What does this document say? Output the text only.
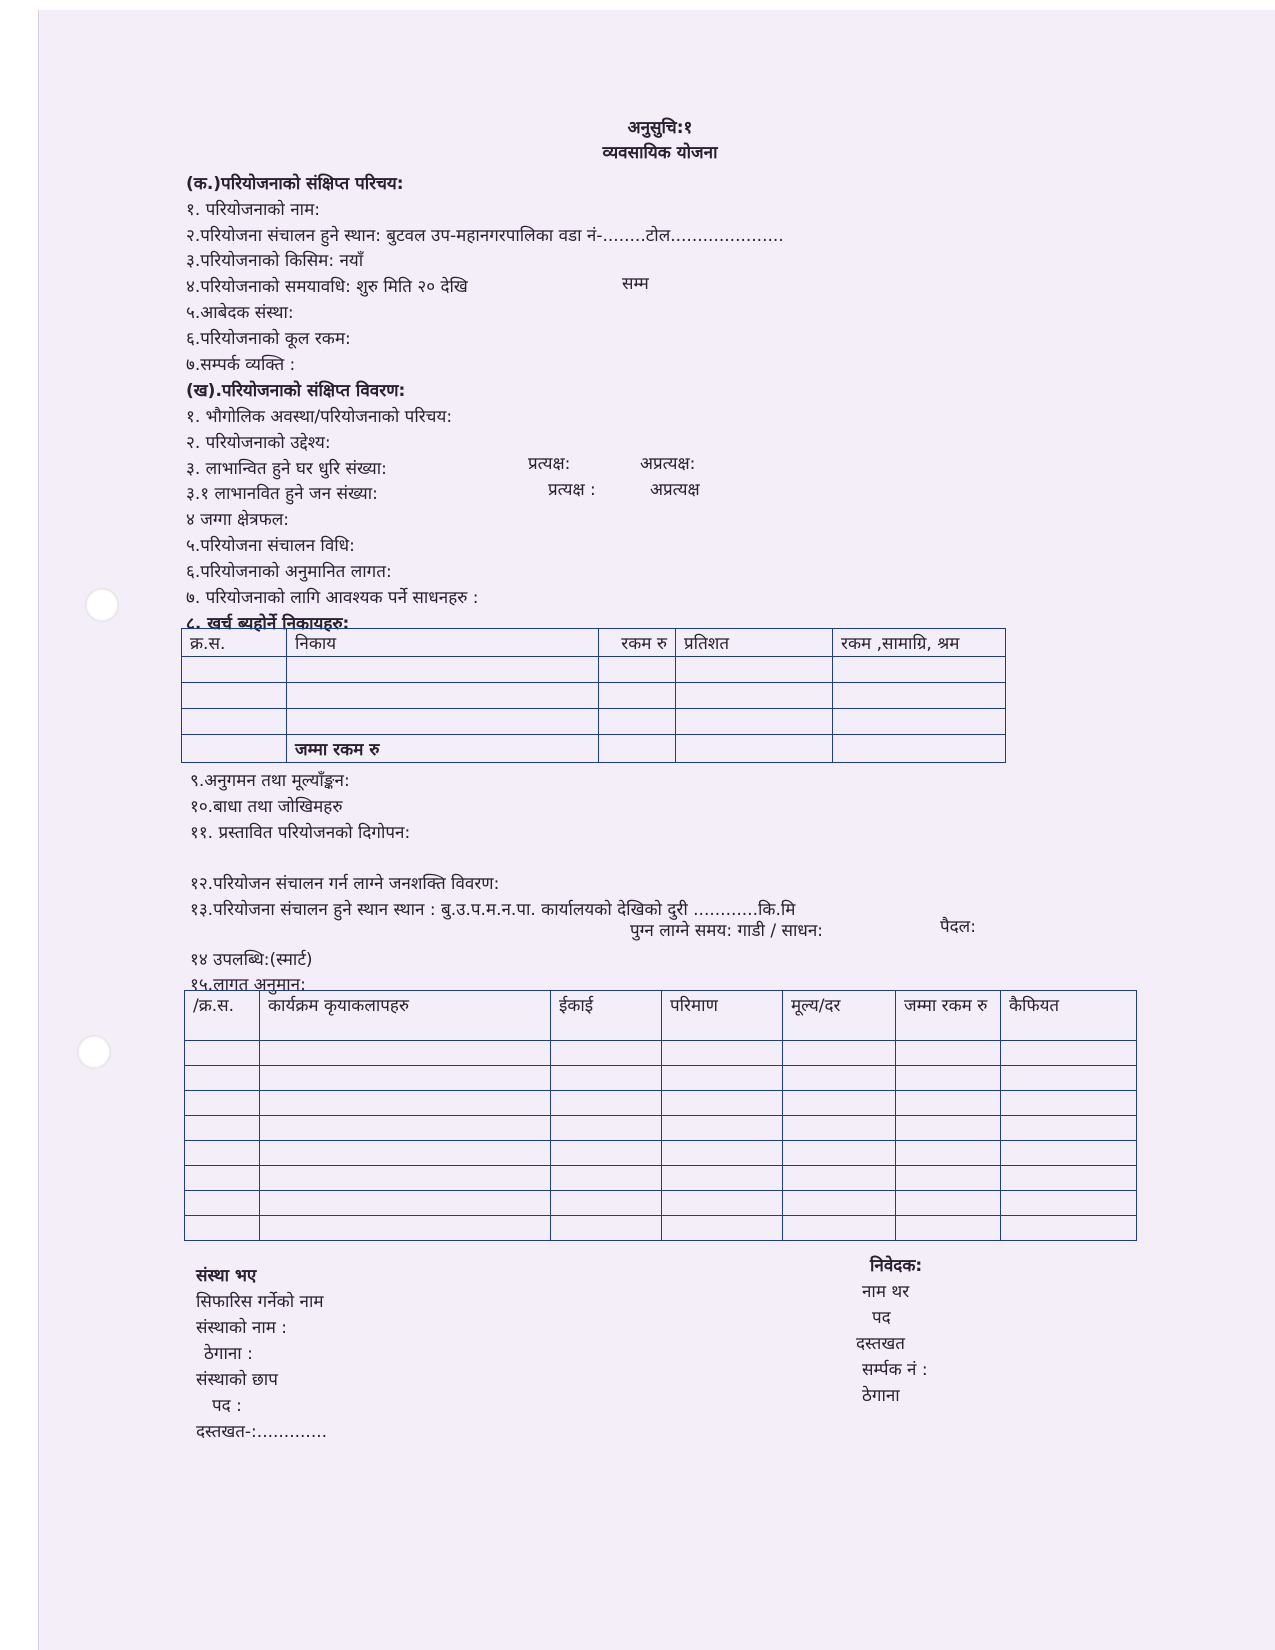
अनुसुचि:१
व्यवसायिक योजना
(क.)परियोजनाको संक्षिप्त परिचय:
१. परियोजनाको नाम:
२.परियोजना संचालन हुने स्थान: बुटवल उप-महानगरपालिका वडा नं-........टोल.....................
३.परियोजनाको किसिम: नयाँ
४.परियोजनाको समयावधि: शुरु मिति २० देखि	सम्म
५.आबेदक संस्था:
६.परियोजनाको कूल रकम:
७.सम्पर्क व्यक्ति :
(ख).परियोजनाको संक्षिप्त विवरण:
१. भौगोलिक अवस्था/परियोजनाको परिचय:
२. परियोजनाको उद्देश्य:
३. लाभान्वित हुने घर धुरि संख्या:	प्रत्यक्ष:	अप्रत्यक्ष:
३.१ लाभानवित हुने जन संख्या:	प्रत्यक्ष :	अप्रत्यक्ष
४ जग्गा क्षेत्रफल:
५.परियोजना संचालन विधि:
६.परियोजनाको अनुमानित लागत:
७. परियोजनाको लागि आवश्यक पर्ने साधनहरु :
८. खर्च ब्यहोर्ने निकायहरु:
क्र.स.	निकाय	रकम रु	प्रतिशत	रकम ,सामाग्रि, श्रम

	जम्मा रकम रु			
९.अनुगमन तथा मूल्याँङ्कन:
१०.बाधा तथा जोखिमहरु
११. प्रस्तावित परियोजनको दिगोपन:
१२.परियोजन संचालन गर्न लाग्ने जनशक्ति विवरण:
१३.परियोजना संचालन हुने स्थान स्थान : बु.उ.प.म.न.पा. कार्यालयको देखिको दुरी ............कि.मि
पुग्न लाग्ने समय: गाडी / साधन:	पैदल:
१४ उपलब्धि:(स्मार्ट)
१५.लागत अनुमान:
/क्र.स.	कार्यक्रम कृयाकलापहरु	ईकाई	परिमाण	मूल्य/दर	जम्मा रकम रु	कैफियत

संस्था भए
सिफारिस गर्नेको नाम
संस्थाको नाम :
ठेगाना :
संस्थाको छाप
पद :
दस्तखत-:.............
निवेदक:
नाम थर
पद
दस्तखत
सर्म्पक नं :
ठेगाना
